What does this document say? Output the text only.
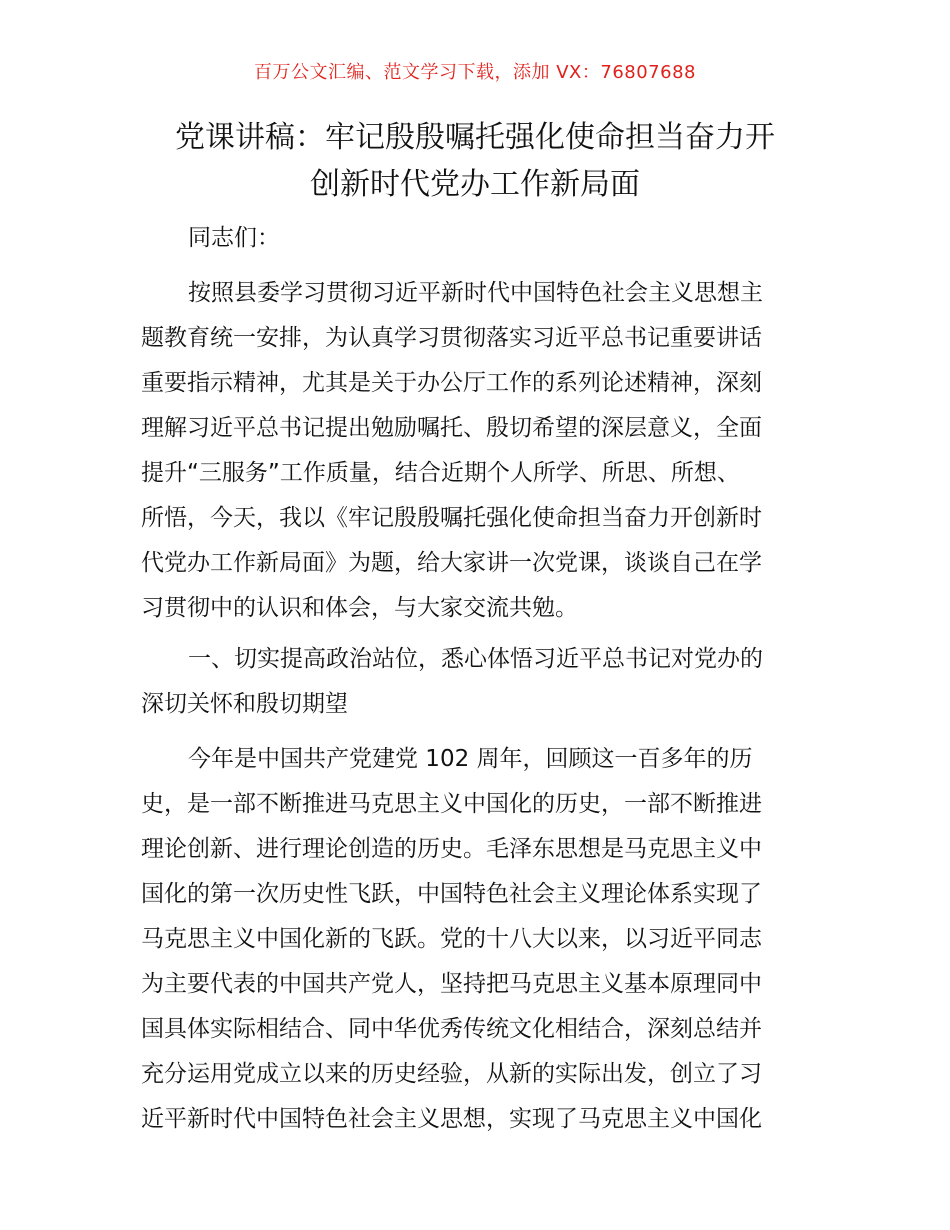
百万公文汇编、范文学习下载，添加 VX：76807688
党课讲稿：牢记殷殷嘱托强化使命担当奋力开
创新时代党办工作新局面

同志们：

按照县委学习贯彻习近平新时代中国特色社会主义思想主
题教育统一安排，为认真学习贯彻落实习近平总书记重要讲话
重要指示精神，尤其是关于办公厅工作的系列论述精神，深刻
理解习近平总书记提出勉励嘱托、殷切希望的深层意义，全面
提升“三服务”工作质量，结合近期个人所学、所思、所想、
所悟，今天，我以《牢记殷殷嘱托强化使命担当奋力开创新时
代党办工作新局面》为题，给大家讲一次党课，谈谈自己在学
习贯彻中的认识和体会，与大家交流共勉。

一、切实提高政治站位，悉心体悟习近平总书记对党办的
深切关怀和殷切期望

今年是中国共产党建党 102 周年，回顾这一百多年的历
史，是一部不断推进马克思主义中国化的历史，一部不断推进
理论创新、进行理论创造的历史。毛泽东思想是马克思主义中
国化的第一次历史性飞跃，中国特色社会主义理论体系实现了
马克思主义中国化新的飞跃。党的十八大以来，以习近平同志
为主要代表的中国共产党人，坚持把马克思主义基本原理同中
国具体实际相结合、同中华优秀传统文化相结合，深刻总结并
充分运用党成立以来的历史经验，从新的实际出发，创立了习
近平新时代中国特色社会主义思想，实现了马克思主义中国化
